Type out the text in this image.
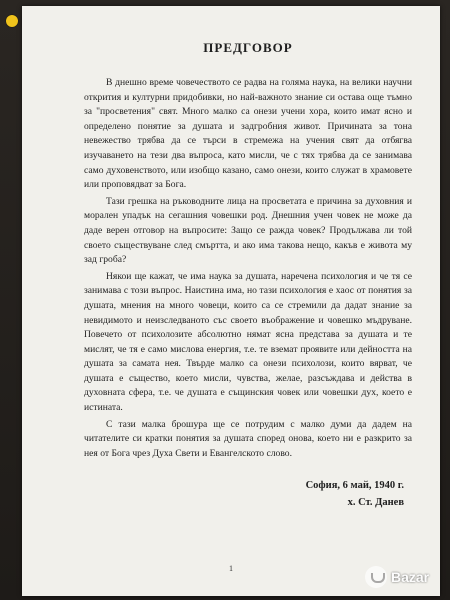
ПРЕДГОВОР

В днешно време човечеството се радва на голяма наука, на велики научни открития и културни придобивки, но най-важното знание си остава още тъмно за "просветения" свят. Много малко са онези учени хора, които имат ясно и определено понятие за душата и задгробния живот. Причината за тона невежество трябва да се търси в стремежа на учения свят да отбягва изучаването на тези два въпроса, като мисли, че с тях трябва да се занимава само духовенството, или изобщо казано, само онези, които служат в храмовете или проповядват за Бога.

Тази грешка на ръководните лица на просветата е причина за духовния и морален упадък на сегашния човешки род. Днешния учен човек не може да даде верен отговор на въпросите: Защо се ражда човек? Продължава ли той своето съществуване след смъртта, и ако има такова нещо, какъв е живота му зад гроба?

Някои ще кажат, че има наука за душата, наречена психология и че тя се занимава с този въпрос. Наистина има, но тази психология е хаос от понятия за душата, мнения на много човеци, които са се стремили да дадат знание за невидимото и неизследваното със своето въображение и човешко мъдруване. Повечето от психолозите абсолютно нямат ясна представа за душата и те мислят, че тя е само мислова енергия, т.е. те вземат проявите или дейността на душата за самата нея. Твърде малко са онези психолози, които вярват, че душата е същество, което мисли, чувства, желае, разсъждава и действа в духовната сфера, т.е. че душата е същинския човек или човешки дух, което е истината.

С тази малка брошура ще се потрудим с малко думи да дадем на читателите си кратки понятия за душата според онова, което ни е разкрито за нея от Бога чрез Духа Свети и Евангелското слово.

София, 6 май, 1940 г.
х. Ст. Данев
1
Bazar
